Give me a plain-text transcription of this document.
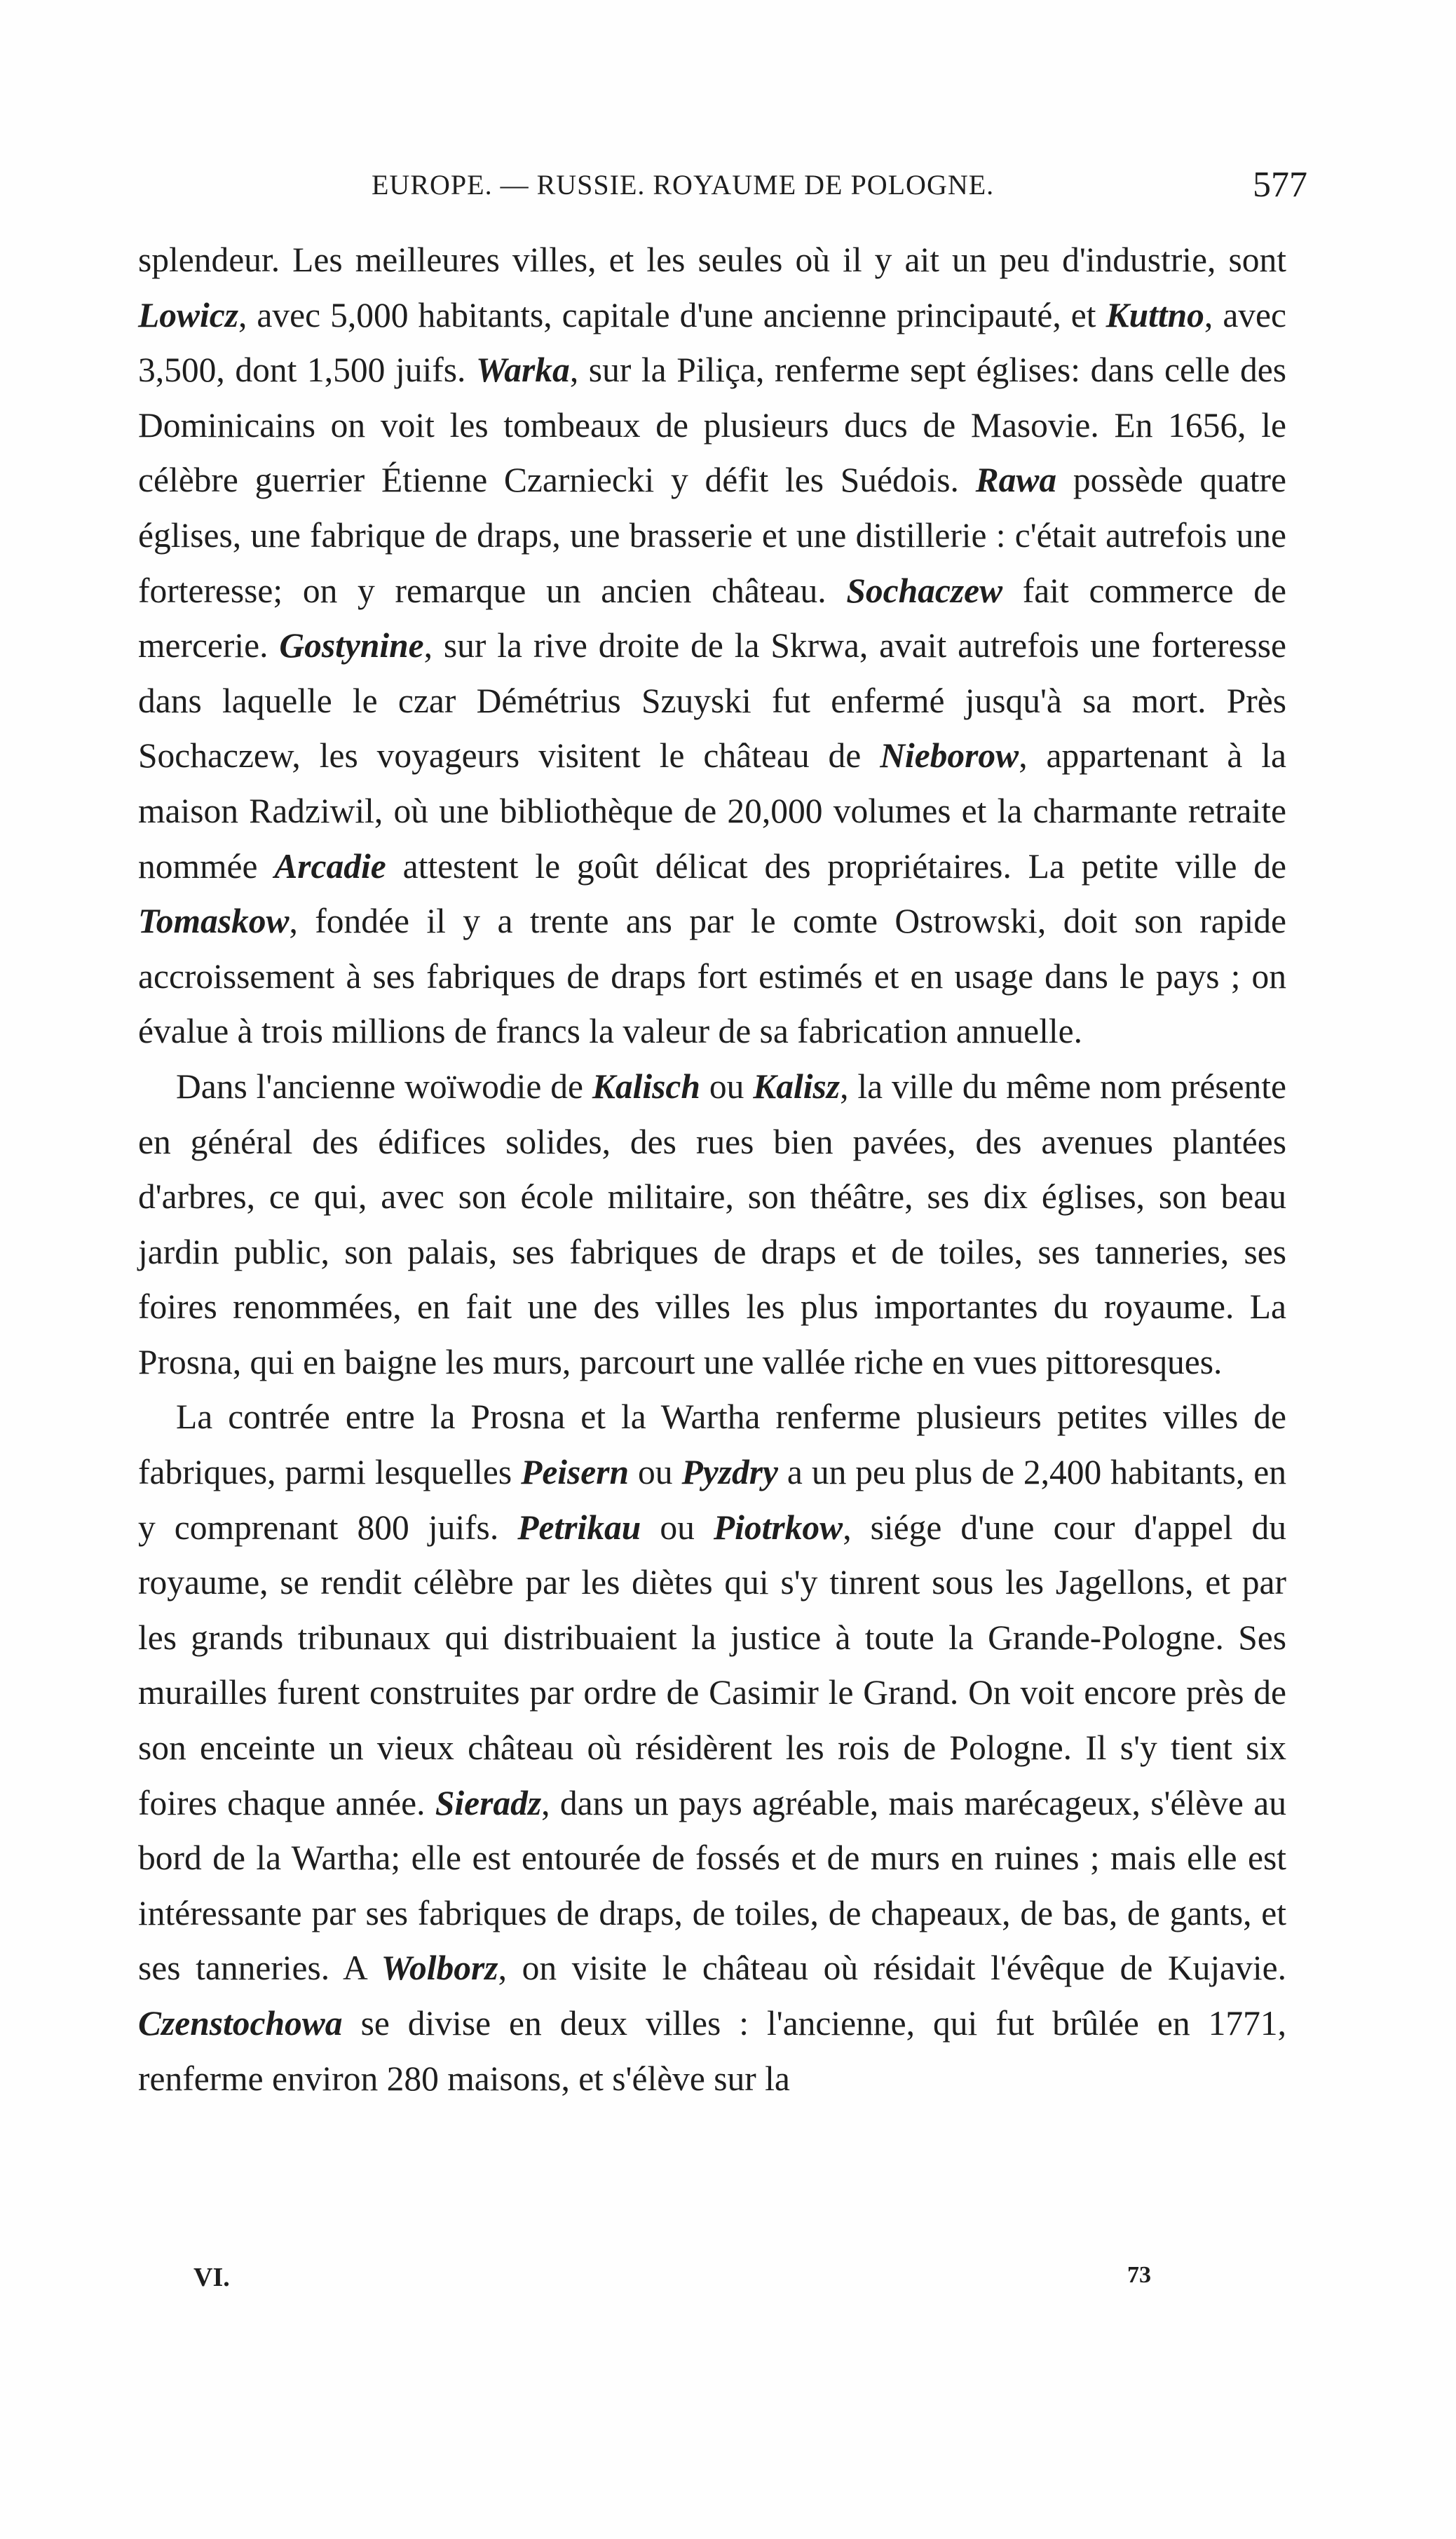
EUROPE. — RUSSIE. ROYAUME DE POLOGNE.	577

splendeur. Les meilleures villes, et les seules où il y ait un peu d'industrie, sont Lowicz, avec 5,000 habitants, capitale d'une ancienne principauté, et Kuttno, avec 3,500, dont 1,500 juifs. Warka, sur la Piliça, renferme sept églises: dans celle des Dominicains on voit les tombeaux de plusieurs ducs de Masovie. En 1656, le célèbre guerrier Étienne Czarniecki y défit les Suédois. Rawa possède quatre églises, une fabrique de draps, une brasserie et une distillerie : c'était autrefois une forteresse; on y remarque un ancien château. Sochaczew fait commerce de mercerie. Gostynine, sur la rive droite de la Skrwa, avait autrefois une forteresse dans laquelle le czar Démétrius Szuyski fut enfermé jusqu'à sa mort. Près Sochaczew, les voyageurs visitent le château de Nieborow, appartenant à la maison Radziwil, où une bibliothèque de 20,000 volumes et la charmante retraite nommée Arcadie attestent le goût délicat des propriétaires. La petite ville de Tomaskow, fondée il y a trente ans par le comte Ostrowski, doit son rapide accroissement à ses fabriques de draps fort estimés et en usage dans le pays ; on évalue à trois millions de francs la valeur de sa fabrication annuelle.

Dans l'ancienne woïwodie de Kalisch ou Kalisz, la ville du même nom présente en général des édifices solides, des rues bien pavées, des avenues plantées d'arbres, ce qui, avec son école militaire, son théâtre, ses dix églises, son beau jardin public, son palais, ses fabriques de draps et de toiles, ses tanneries, ses foires renommées, en fait une des villes les plus importantes du royaume. La Prosna, qui en baigne les murs, parcourt une vallée riche en vues pittoresques.

La contrée entre la Prosna et la Wartha renferme plusieurs petites villes de fabriques, parmi lesquelles Peisern ou Pyzdry a un peu plus de 2,400 habitants, en y comprenant 800 juifs. Petrikau ou Piotrkow, siége d'une cour d'appel du royaume, se rendit célèbre par les diètes qui s'y tinrent sous les Jagellons, et par les grands tribunaux qui distribuaient la justice à toute la Grande-Pologne. Ses murailles furent construites par ordre de Casimir le Grand. On voit encore près de son enceinte un vieux château où résidèrent les rois de Pologne. Il s'y tient six foires chaque année. Sieradz, dans un pays agréable, mais marécageux, s'élève au bord de la Wartha; elle est entourée de fossés et de murs en ruines ; mais elle est intéressante par ses fabriques de draps, de toiles, de chapeaux, de bas, de gants, et ses tanneries. A Wolborz, on visite le château où résidait l'évêque de Kujavie. Czenstochowa se divise en deux villes : l'ancienne, qui fut brûlée en 1771, renferme environ 280 maisons, et s'élève sur la

VI.	73
